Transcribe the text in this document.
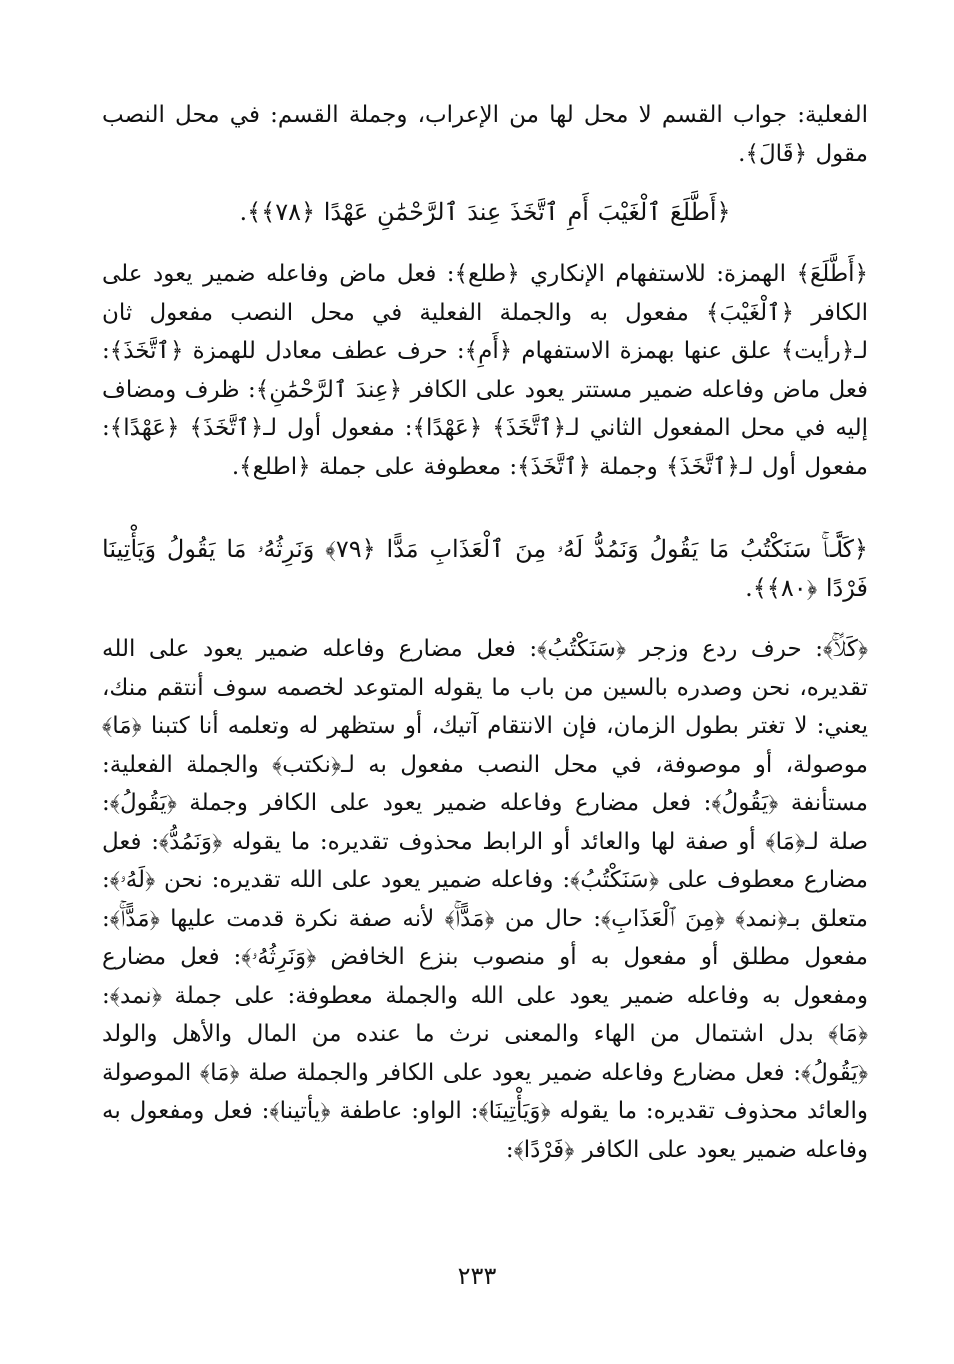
الفعلية: جواب القسم لا محل لها من الإعراب، وجملة القسم: في محل النصب مقول ﴿قَالَ﴾.

﴿أَطَّلَعَ ٱلْغَيْبَ أَمِ ٱتَّخَذَ عِندَ ٱلرَّحْمَٰنِ عَهْدًا ﴿٧٨﴾﴾.

﴿أَطَّلَعَ﴾ الهمزة: للاستفهام الإنكاري ﴿طلع﴾: فعل ماض وفاعله ضمير يعود على الكافر ﴿ٱلْغَيْبَ﴾ مفعول به والجملة الفعلية في محل النصب مفعول ثان لـ﴿رأيت﴾ علق عنها بهمزة الاستفهام ﴿أَمِ﴾: حرف عطف معادل للهمزة ﴿ٱتَّخَذَ﴾: فعل ماض وفاعله ضمير مستتر يعود على الكافر ﴿عِندَ ٱلرَّحْمَٰنِ﴾: ظرف ومضاف إليه في محل المفعول الثاني لـ﴿ٱتَّخَذَ﴾ ﴿عَهْدًا﴾: مفعول أول لـ﴿ٱتَّخَذَ﴾ ﴿عَهْدًا﴾: مفعول أول لـ﴿ٱتَّخَذَ﴾ وجملة ﴿ٱتَّخَذَ﴾: معطوفة على جملة ﴿اطلع﴾.

﴿كَلَّاۚ سَنَكْتُبُ مَا يَقُولُ وَنَمُدُّ لَهُۥ مِنَ ٱلْعَذَابِ مَدًّا ﴿٧٩﴾ وَنَرِثُهُۥ مَا يَقُولُ وَيَأْتِينَا فَرْدًا ﴿٨٠﴾﴾.

﴿كَلَّاۚ﴾: حرف ردع وزجر ﴿سَنَكْتُبُ﴾: فعل مضارع وفاعله ضمير يعود على الله تقديره، نحن وصدره بالسين من باب ما يقوله المتوعد لخصمه سوف أنتقم منك، يعني: لا تغتر بطول الزمان، فإن الانتقام آتيك، أو ستظهر له وتعلمه أنا كتبنا ﴿مَا﴾ موصولة، أو موصوفة، في محل النصب مفعول به لـ﴿نكتب﴾ والجملة الفعلية: مستأنفة ﴿يَقُولُ﴾: فعل مضارع وفاعله ضمير يعود على الكافر وجملة ﴿يَقُولُ﴾: صلة لـ﴿مَا﴾ أو صفة لها والعائد أو الرابط محذوف تقديره: ما يقوله ﴿وَنَمُدُّ﴾: فعل مضارع معطوف على ﴿سَنَكْتُبُ﴾: وفاعله ضمير يعود على الله تقديره: نحن ﴿لَهُۥ﴾: متعلق بـ﴿نمد﴾ ﴿مِنَ ٱلْعَذَابِ﴾: حال من ﴿مَدًّاۚ﴾ لأنه صفة نكرة قدمت عليها ﴿مَدًّاۚ﴾: مفعول مطلق أو مفعول به أو منصوب بنزع الخافض ﴿وَنَرِثُهُۥ﴾: فعل مضارع ومفعول به وفاعله ضمير يعود على الله والجملة معطوفة: على جملة ﴿نمد﴾: ﴿مَا﴾ بدل اشتمال من الهاء والمعنى نرث ما عنده من المال والأهل والولد ﴿يَقُولُ﴾: فعل مضارع وفاعله ضمير يعود على الكافر والجملة صلة ﴿مَا﴾ الموصولة والعائد محذوف تقديره: ما يقوله ﴿وَيَأْتِينَا﴾: الواو: عاطفة ﴿يأتينا﴾: فعل ومفعول به وفاعله ضمير يعود على الكافر ﴿فَرْدًا﴾:

٢٣٣
